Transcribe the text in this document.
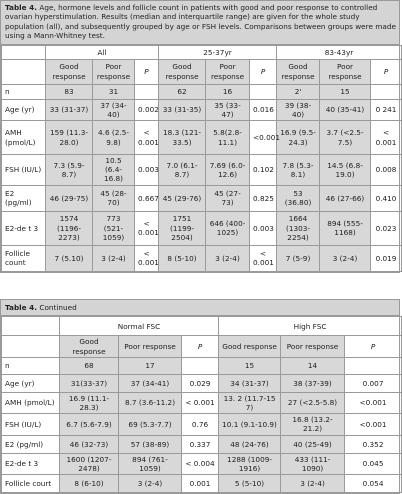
Table 4. Age, hormone levels and follicle count in patients with good and poor response to controlled ovarian hyperstimulation. Results (median and interquartile range) are given for the whole study population (all), and subsequently grouped by age or FSH levels. Comparisons between groups were made using a Mann-Whitney test.
	All			25-37yr			83-43yr		
	Good response	Poor response	P	Good response	Poor response	P	Good response	Poor response	P
n	83	31		62	16		2'	15	
Age (yr)	33 (31-37)	37 (34-40)	0.002	33 (31-35)	35 (33-47)	0.016	39 (38-40)	40 (35-41)	0 241
AMH (pmol/L)	159 (11.3-28.0)	4.6 (2.5-9.8)	< 0.001	18.3 (121-33.5)	5.8(2.8-11.1)	<0.001	16.9 (9.5-24.3)	3.7 (<2.5-7.5)	< 0.001
FSH (IU/L)	7.3 (5.9-8.7)	10.5 (6.4-16.8)	0.003	7.0 (6.1-8.7)	7.69 (6.0-12.6)	0.102	7.8 (5.3-8.1)	14.5 (6.8-19.0)	0.008
E2 (pg/ml)	46 (29-75)	45 (28-70)	0.667	45 (29-76)	45 (27-73)	0.825	53 (36.80)	46 (27-66)	0.410
E2-de t 3	1574 (1196-2273)	773 (521-1059)	< 0.001	1751 (1199-2504)	646 (400-1025)	0.003	1664 (1303-2254)	894 (555-1168)	0.023
Follicle count	7 (5.10)	3 (2-4)	< 0.001	8 (5-10)	3 (2-4)	< 0.001	7 (5-9)	3 (2-4)	0.019
Table 4. Continued
	Normal FSC			High FSC		
	Good response	Poor response	P	Good response	Poor response	P
n	68	17		15	14	
Age (yr)	31(33-37)	37 (34-41)	0.029	34 (31-37)	38 (37-39)	0.007
AMH (pmol/L)	16.9 (11.1-28.3)	8.7 (3.6-11.2)	< 0.001	13. 2 (11.7-15 7)	27 (<2.5-5.8)	<0.001
FSH (IU/L)	6.7 (5.6-7.9)	69 (5.3-7.7)	0.76	10.1 (9.1-10.9)	16.8 (13.2-21.2)	<0.001
E2 (pg/ml)	46 (32-73)	57 (38-89)	0.337	48 (24-76)	40 (25-49)	0.352
E2-de t 3	1600 (1207-2478)	894 (761-1059)	< 0.004	1288 (1009-1916)	433 (111-1090)	0.045
Follicle court	8 (6-10)	3 (2-4)	0.001	5 (5-10)	3 (2-4)	0.054
